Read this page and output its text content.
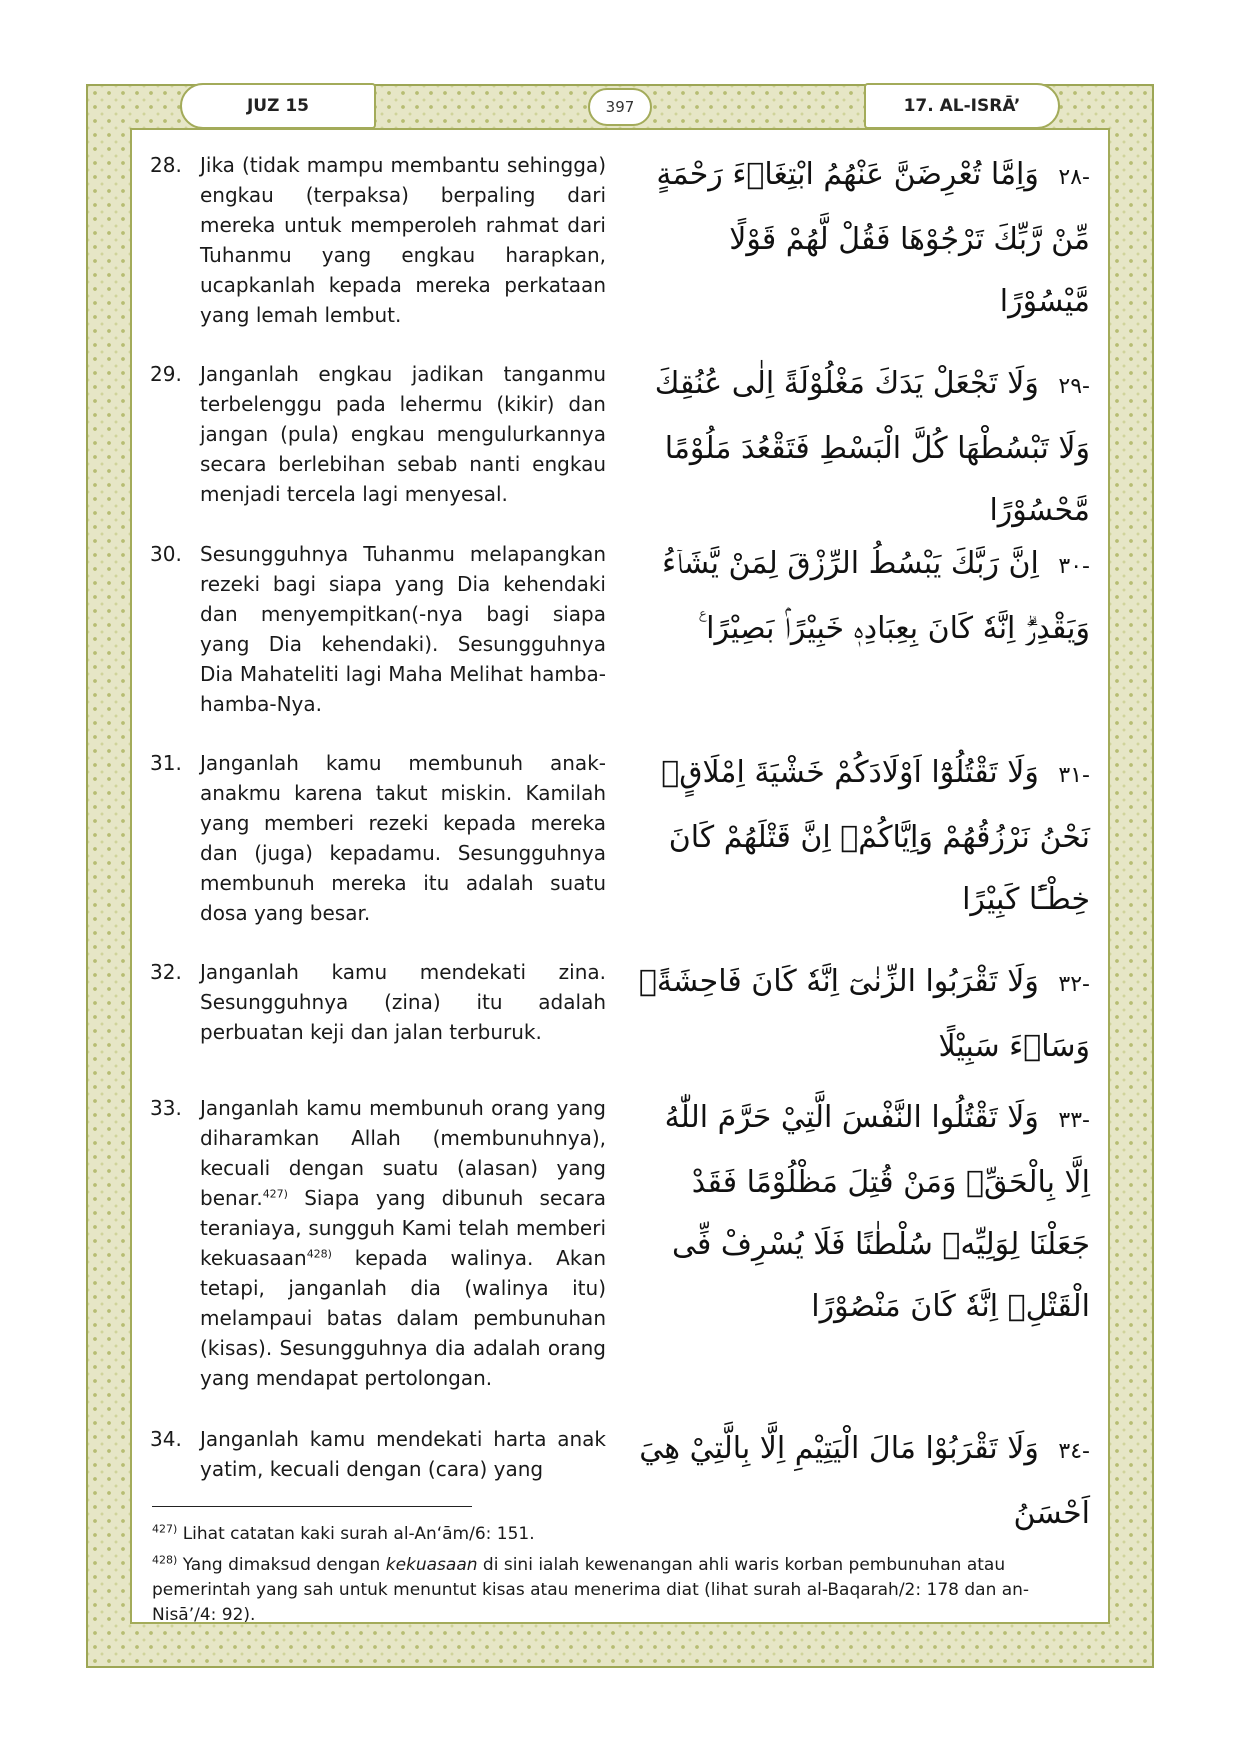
JUZ 15	397	17. AL-ISRĀ’
28. Jika (tidak mampu membantu sehingga) engkau (terpaksa) berpaling dari mereka untuk memperoleh rahmat dari Tuhanmu yang engkau harapkan, ucapkanlah kepada mereka perkataan yang lemah lembut.
-٢٨ وَاِمَّا تُعْرِضَنَّ عَنْهُمُ ابْتِغَاۤءَ رَحْمَةٍ مِّنْ رَّبِّكَ تَرْجُوْهَا فَقُلْ لَّهُمْ قَوْلًا مَّيْسُوْرًا
29. Janganlah engkau jadikan tanganmu terbelenggu pada lehermu (kikir) dan jangan (pula) engkau mengulurkannya secara berlebihan sebab nanti engkau menjadi tercela lagi menyesal.
-٢٩ وَلَا تَجْعَلْ يَدَكَ مَغْلُوْلَةً اِلٰى عُنُقِكَ وَلَا تَبْسُطْهَا كُلَّ الْبَسْطِ فَتَقْعُدَ مَلُوْمًا مَّحْسُوْرًا
30. Sesungguhnya Tuhanmu melapangkan rezeki bagi siapa yang Dia kehendaki dan menyempitkan(-nya bagi siapa yang Dia kehendaki). Sesungguhnya Dia Mahateliti lagi Maha Melihat hamba-hamba-Nya.
-٣٠ اِنَّ رَبَّكَ يَبْسُطُ الرِّزْقَ لِمَنْ يَّشَاۤءُ وَيَقْدِرُۗ اِنَّهٗ كَانَ بِعِبَادِهٖ خَبِيْرًاۢ بَصِيْرًا ࣖ
31. Janganlah kamu membunuh anak-anakmu karena takut miskin. Kamilah yang memberi rezeki kepada mereka dan (juga) kepadamu. Sesungguhnya membunuh mereka itu adalah suatu dosa yang besar.
-٣١ وَلَا تَقْتُلُوْٓا اَوْلَادَكُمْ خَشْيَةَ اِمْلَاقٍۗ نَحْنُ نَرْزُقُهُمْ وَاِيَّاكُمْۗ اِنَّ قَتْلَهُمْ كَانَ خِطْـًٔا كَبِيْرًا
32. Janganlah kamu mendekati zina. Sesungguhnya (zina) itu adalah perbuatan keji dan jalan terburuk.
-٣٢ وَلَا تَقْرَبُوا الزِّنٰىٓ اِنَّهٗ كَانَ فَاحِشَةًۗ وَسَاۤءَ سَبِيْلًا
33. Janganlah kamu membunuh orang yang diharamkan Allah (membunuhnya), kecuali dengan suatu (alasan) yang benar.$^{427)}$ Siapa yang dibunuh secara teraniaya, sungguh Kami telah memberi kekuasaan$^{428)}$ kepada walinya. Akan tetapi, janganlah dia (walinya itu) melampaui batas dalam pembunuhan (kisas). Sesungguhnya dia adalah orang yang mendapat pertolongan.
-٣٣ وَلَا تَقْتُلُوا النَّفْسَ الَّتِيْ حَرَّمَ اللّٰهُ اِلَّا بِالْحَقِّۗ وَمَنْ قُتِلَ مَظْلُوْمًا فَقَدْ جَعَلْنَا لِوَلِيِّهٖ سُلْطٰنًا فَلَا يُسْرِفْ فِّى الْقَتْلِۗ اِنَّهٗ كَانَ مَنْصُوْرًا
34. Janganlah kamu mendekati harta anak yatim, kecuali dengan (cara) yang
-٣٤ وَلَا تَقْرَبُوْا مَالَ الْيَتِيْمِ اِلَّا بِالَّتِيْ هِيَ اَحْسَنُ

$^{427)}$ Lihat catatan kaki surah al-An‘ām/6: 151.

$^{428)}$ Yang dimaksud dengan kekuasaan di sini ialah kewenangan ahli waris korban pembunuhan atau pemerintah yang sah untuk menuntut kisas atau menerima diat (lihat surah al-Baqarah/2: 178 dan an-Nisā’/4: 92).
